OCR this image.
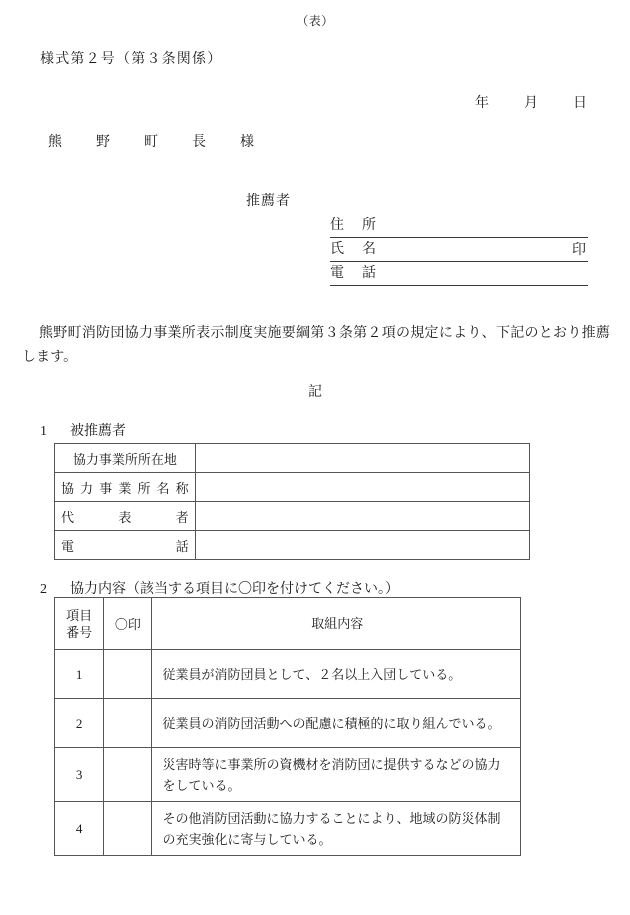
（表）
様式第２号（第３条関係）
年 月 日
熊　野　町　長　様
推薦者
住所
氏名	印
電話
熊野町消防団協力事業所表示制度実施要綱第３条第２項の規定により、下記のとおり推薦します。
記
1 被推薦者
協力事業所所在地	

協力事業所名称	

代表者	

電話	

2 協力内容（該当する項目に〇印を付けてください。）
項目
番号	〇印	取組内容
1		従業員が消防団員として、２名以上入団している。
2		従業員の消防団活動への配慮に積極的に取り組んでいる。
3		災害時等に事業所の資機材を消防団に提供するなどの協力をしている。
4		その他消防団活動に協力することにより、地域の防災体制の充実強化に寄与している。
